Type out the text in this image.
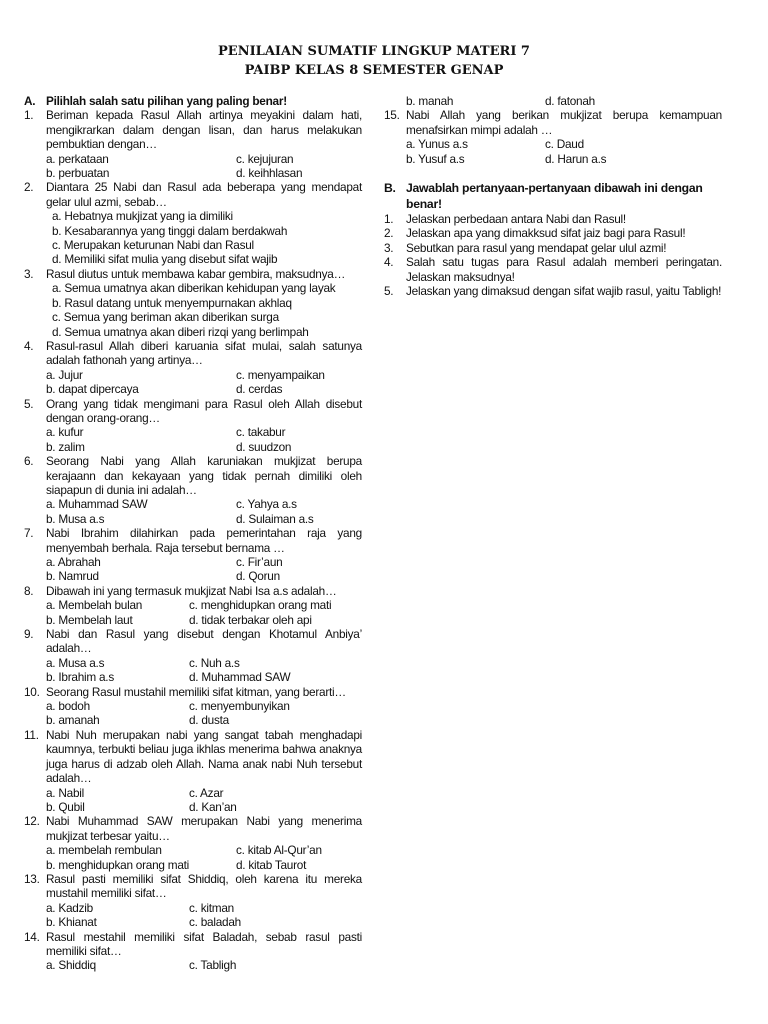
PENILAIAN SUMATIF LINGKUP MATERI 7
PAIBP KELAS 8 SEMESTER GENAP
A. Pilihlah salah satu pilihan yang paling benar!
1.	Beriman kepada Rasul Allah artinya meyakini dalam hati, mengikrarkan dalam dengan lisan, dan harus melakukan pembuktian dengan…
a. perkataan	c. kejujuran
b. perbuatan	d. keihhlasan
2.	Diantara 25 Nabi dan Rasul ada beberapa yang mendapat gelar ulul azmi, sebab…
a. Hebatnya mukjizat yang ia dimiliki
b. Kesabarannya yang tinggi dalam berdakwah
c. Merupakan keturunan Nabi dan Rasul
d. Memiliki sifat mulia yang disebut sifat wajib
3.	Rasul diutus untuk membawa kabar gembira, maksudnya…
a. Semua umatnya akan diberikan kehidupan yang layak
b. Rasul datang untuk menyempurnakan akhlaq
c. Semua yang beriman akan diberikan surga
d. Semua umatnya akan diberi rizqi yang berlimpah
4.	Rasul-rasul Allah diberi karuania sifat mulai, salah satunya adalah fathonah yang artinya…
a. Jujur	c. menyampaikan
b. dapat dipercaya	d. cerdas
5.	Orang yang tidak mengimani para Rasul oleh Allah disebut dengan orang-orang…
a. kufur	c. takabur
b. zalim	d. suudzon
6.	Seorang Nabi yang Allah karuniakan mukjizat berupa kerajaann dan kekayaan yang tidak pernah dimiliki oleh siapapun di dunia ini adalah…
a. Muhammad SAW	c. Yahya a.s
b. Musa a.s	d. Sulaiman a.s
7.	Nabi Ibrahim dilahirkan pada pemerintahan raja yang menyembah berhala. Raja tersebut bernama …
a. Abrahah	c. Fir’aun
b. Namrud	d. Qorun
8.	Dibawah ini yang termasuk mukjizat Nabi Isa a.s adalah…
a. Membelah bulan	c. menghidupkan orang mati
b. Membelah laut	d. tidak terbakar oleh api
9.	Nabi dan Rasul yang disebut dengan Khotamul Anbiya’ adalah…
a. Musa a.s	c. Nuh a.s
b. Ibrahim a.s	d. Muhammad SAW
10. Seorang Rasul mustahil memiliki sifat kitman, yang berarti…
a. bodoh	c. menyembunyikan
b. amanah	d. dusta
11. Nabi Nuh merupakan nabi yang sangat tabah menghadapi kaumnya, terbukti beliau juga ikhlas menerima bahwa anaknya juga harus di adzab oleh Allah. Nama anak nabi Nuh tersebut adalah…
a. Nabil	c. Azar
b. Qubil	d. Kan’an
12. Nabi Muhammad SAW merupakan Nabi yang menerima mukjizat terbesar yaitu…
a. membelah rembulan	c. kitab Al-Qur’an
b. menghidupkan orang mati	d. kitab Taurot
13. Rasul pasti memiliki sifat Shiddiq, oleh karena itu mereka mustahil memiliki sifat…
a. Kadzib	c. kitman
b. Khianat	c. baladah
14. Rasul mestahil memiliki sifat Baladah, sebab rasul pasti memiliki sifat…
a. Shiddiq	c. Tabligh
b. manah	d. fatonah
15. Nabi Allah yang berikan mukjizat berupa kemampuan menafsirkan mimpi adalah …
a. Yunus a.s	c. Daud
b. Yusuf a.s	d. Harun a.s
B. Jawablah pertanyaan-pertanyaan dibawah ini dengan benar!
1.	Jelaskan perbedaan antara Nabi dan Rasul!
2.	Jelaskan apa yang dimakksud sifat jaiz bagi para Rasul!
3.	Sebutkan para rasul yang mendapat gelar ulul azmi!
4.	Salah satu tugas para Rasul adalah memberi peringatan. Jelaskan maksudnya!
5.	Jelaskan yang dimaksud dengan sifat wajib rasul, yaitu Tabligh!
